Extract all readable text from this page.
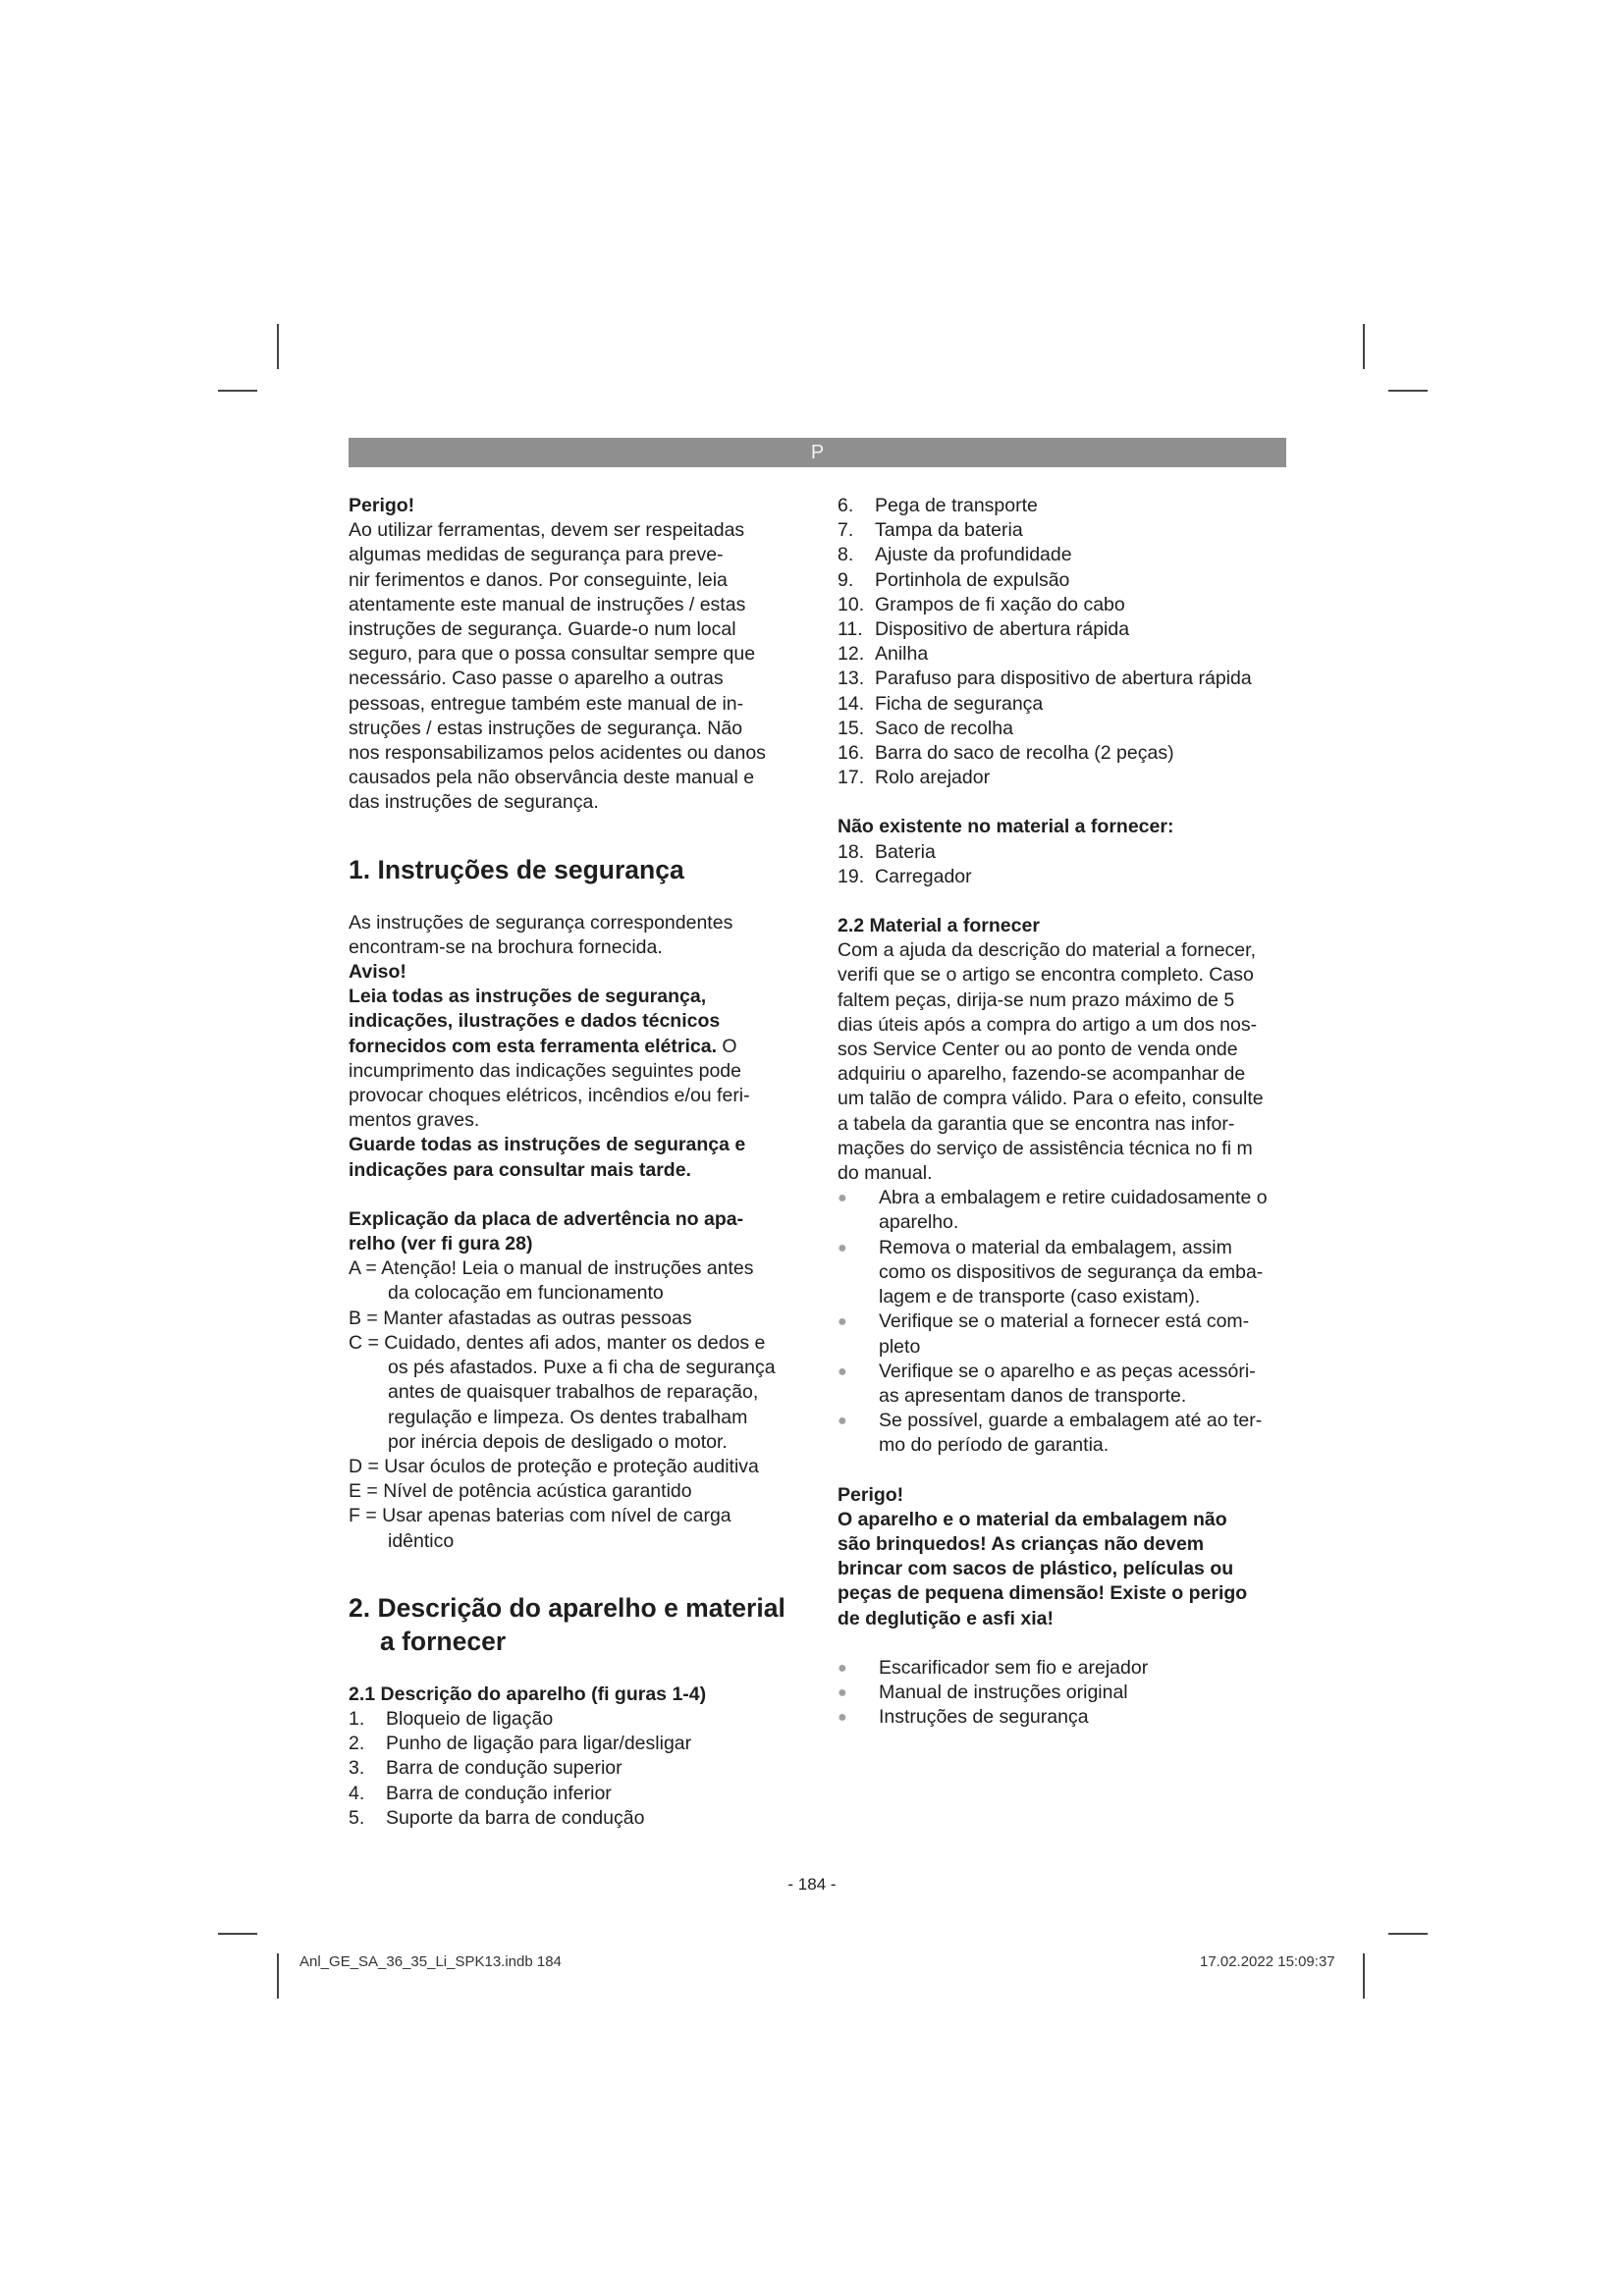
P

Perigo!

Ao utilizar ferramentas, devem ser respeitadas

algumas medidas de segurança para preve-

nir ferimentos e danos. Por conseguinte, leia

atentamente este manual de instruções / estas

instruções de segurança. Guarde-o num local

seguro, para que o possa consultar sempre que

necessário. Caso passe o aparelho a outras

pessoas, entregue também este manual de in-

struções / estas instruções de segurança. Não

nos responsabilizamos pelos acidentes ou danos

causados pela não observância deste manual e

das instruções de segurança.

1. Instruções de segurança

As instruções de segurança correspondentes

encontram-se na brochura fornecida.

Aviso!

Leia todas as instruções de segurança,

indicações, ilustrações e dados técnicos

fornecidos com esta ferramenta elétrica. O

incumprimento das indicações seguintes pode

provocar choques elétricos, incêndios e/ou feri-

mentos graves.

Guarde todas as instruções de segurança e

indicações para consultar mais tarde.

Explicação da placa de advertência no apa-

relho (ver fi gura 28)

A = Atenção! Leia o manual de instruções antes

da colocação em funcionamento

B = Manter afastadas as outras pessoas

C = Cuidado, dentes afi ados, manter os dedos e

os pés afastados. Puxe a fi cha de segurança

antes de quaisquer trabalhos de reparação,

regulação e limpeza. Os dentes trabalham

por inércia depois de desligado o motor.

D = Usar óculos de proteção e proteção auditiva

E = Nível de potência acústica garantido

F = Usar apenas baterias com nível de carga

idêntico

2. Descrição do aparelho e material
a fornecer

2.1 Descrição do aparelho (fi guras 1-4)

1.	Bloqueio de ligação
2.	Punho de ligação para ligar/desligar
3.	Barra de condução superior
4.	Barra de condução inferior
5.	Suporte da barra de condução
6.	Pega de transporte
7.	Tampa da bateria
8.	Ajuste da profundidade
9.	Portinhola de expulsão
10. Grampos de fi xação do cabo
11. Dispositivo de abertura rápida
12. Anilha
13. Parafuso para dispositivo de abertura rápida
14. Ficha de segurança
15. Saco de recolha
16. Barra do saco de recolha (2 peças)
17. Rolo arejador

Não existente no material a fornecer:

18. Bateria
19. Carregador

2.2 Material a fornecer

Com a ajuda da descrição do material a fornecer,

verifi que se o artigo se encontra completo. Caso

faltem peças, dirija-se num prazo máximo de 5

dias úteis após a compra do artigo a um dos nos-

sos Service Center ou ao ponto de venda onde

adquiriu o aparelho, fazendo-se acompanhar de

um talão de compra válido. Para o efeito, consulte

a tabela da garantia que se encontra nas infor-

mações do serviço de assistência técnica no fi m

do manual.

●	Abra a embalagem e retire cuidadosamente o

aparelho.

●	Remova o material da embalagem, assim

como os dispositivos de segurança da emba-

lagem e de transporte (caso existam).

●	Verifique se o material a fornecer está com-

pleto

●	Verifique se o aparelho e as peças acessóri-

as apresentam danos de transporte.

●	Se possível, guarde a embalagem até ao ter-

mo do período de garantia.

Perigo!

O aparelho e o material da embalagem não

são brinquedos! As crianças não devem

brincar com sacos de plástico, películas ou

peças de pequena dimensão! Existe o perigo

de deglutição e asfi xia!

●	Escarificador sem fio e arejador
●	Manual de instruções original
●	Instruções de segurança
- 184 -
Anl_GE_SA_36_35_Li_SPK13.indb 184	17.02.2022 15:09:37
